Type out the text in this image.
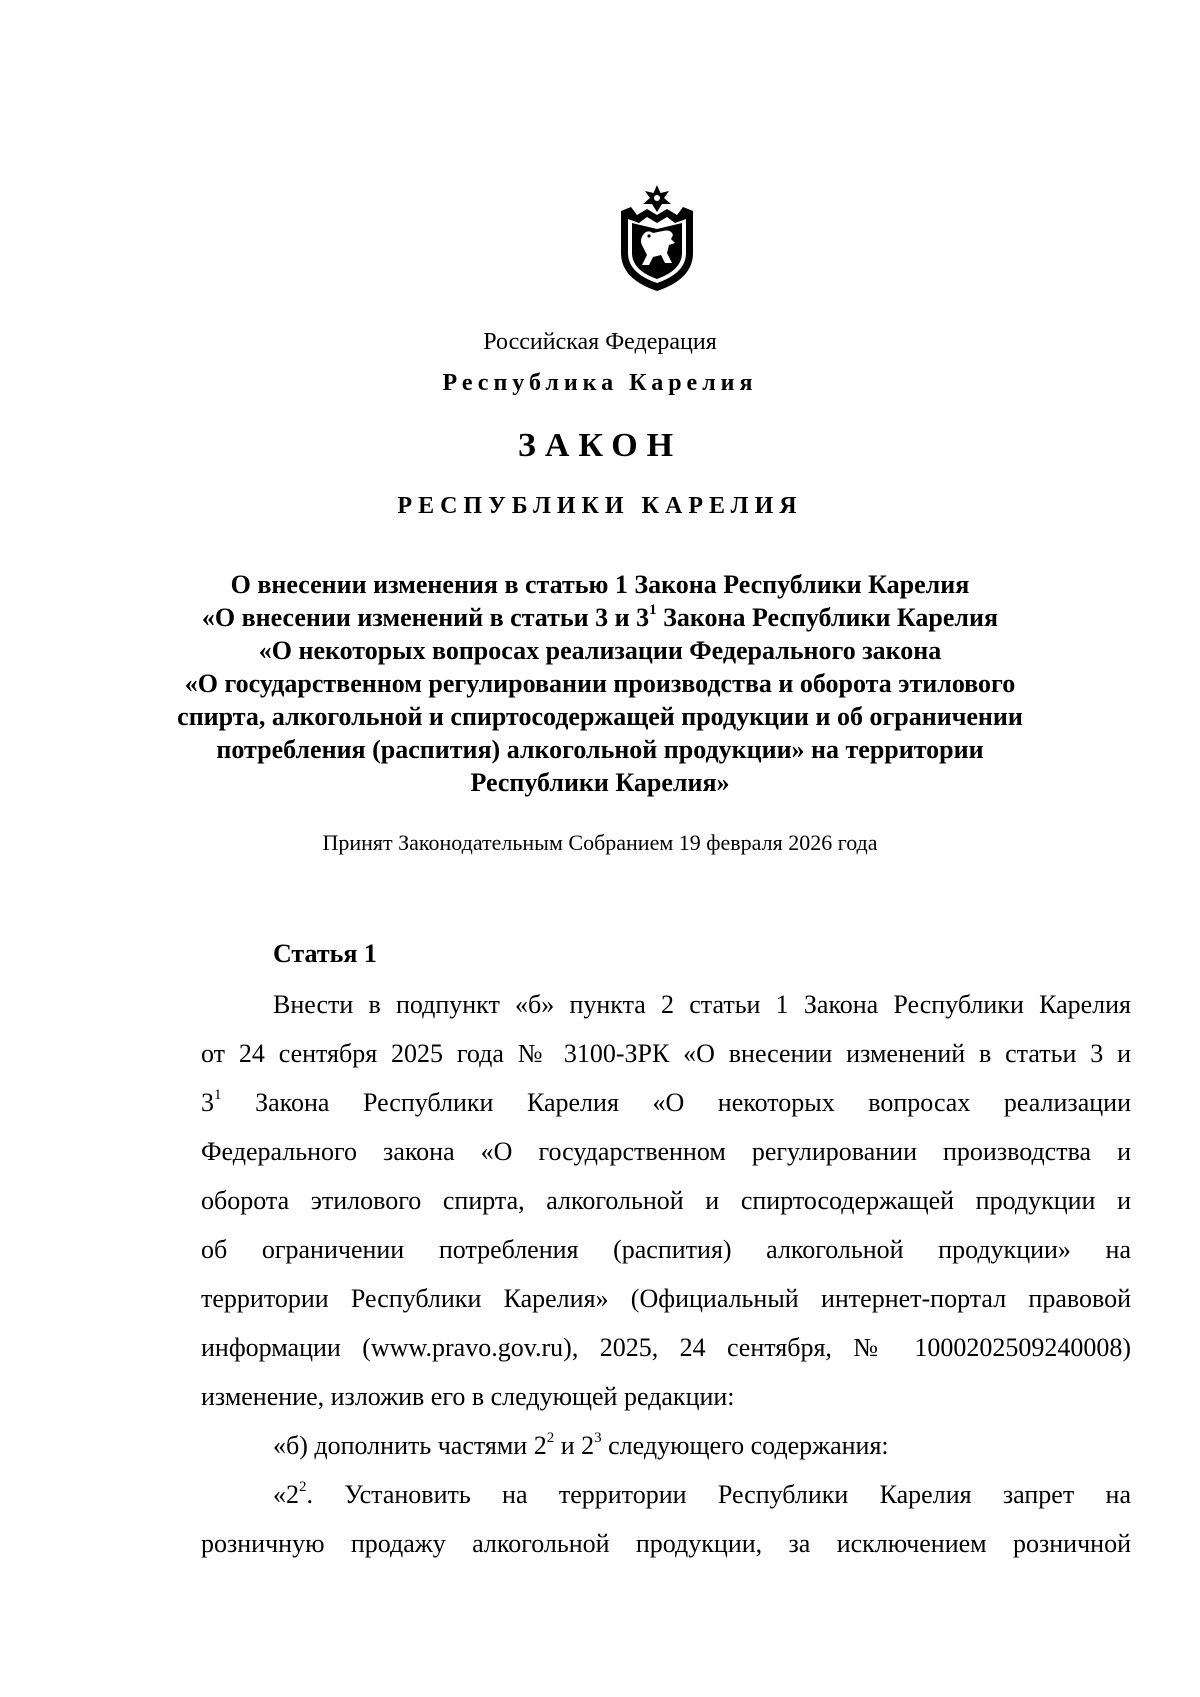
Российская Федерация
Республика Карелия
ЗАКОН
РЕСПУБЛИКИ КАРЕЛИЯ
О внесении изменения в статью 1 Закона Республики Карелия
«О внесении изменений в статьи 3 и $3^1$ Закона Республики Карелия
«О некоторых вопросах реализации Федерального закона
«О государственном регулировании производства и оборота этилового
спирта, алкогольной и спиртосодержащей продукции и об ограничении
потребления (распития) алкогольной продукции» на территории
Республики Карелия»
Принят Законодательным Собранием 19 февраля 2026 года
Статья 1
Внести в подпункт «б» пункта 2 статьи 1 Закона Республики Карелия
от 24 сентября 2025 года № 3100-ЗРК «О внесении изменений в статьи 3 и
$3^1$ Закона Республики Карелия «О некоторых вопросах реализации
Федерального закона «О государственном регулировании производства и
оборота этилового спирта, алкогольной и спиртосодержащей продукции и
об ограничении потребления (распития) алкогольной продукции» на
территории Республики Карелия» (Официальный интернет-портал правовой
информации (www.pravo.gov.ru), 2025, 24 сентября, № 1000202509240008)
изменение, изложив его в следующей редакции:
«б) дополнить частями $2^2$ и $2^3$ следующего содержания:
«$2^2$. Установить на территории Республики Карелия запрет на
розничную продажу алкогольной продукции, за исключением розничной
